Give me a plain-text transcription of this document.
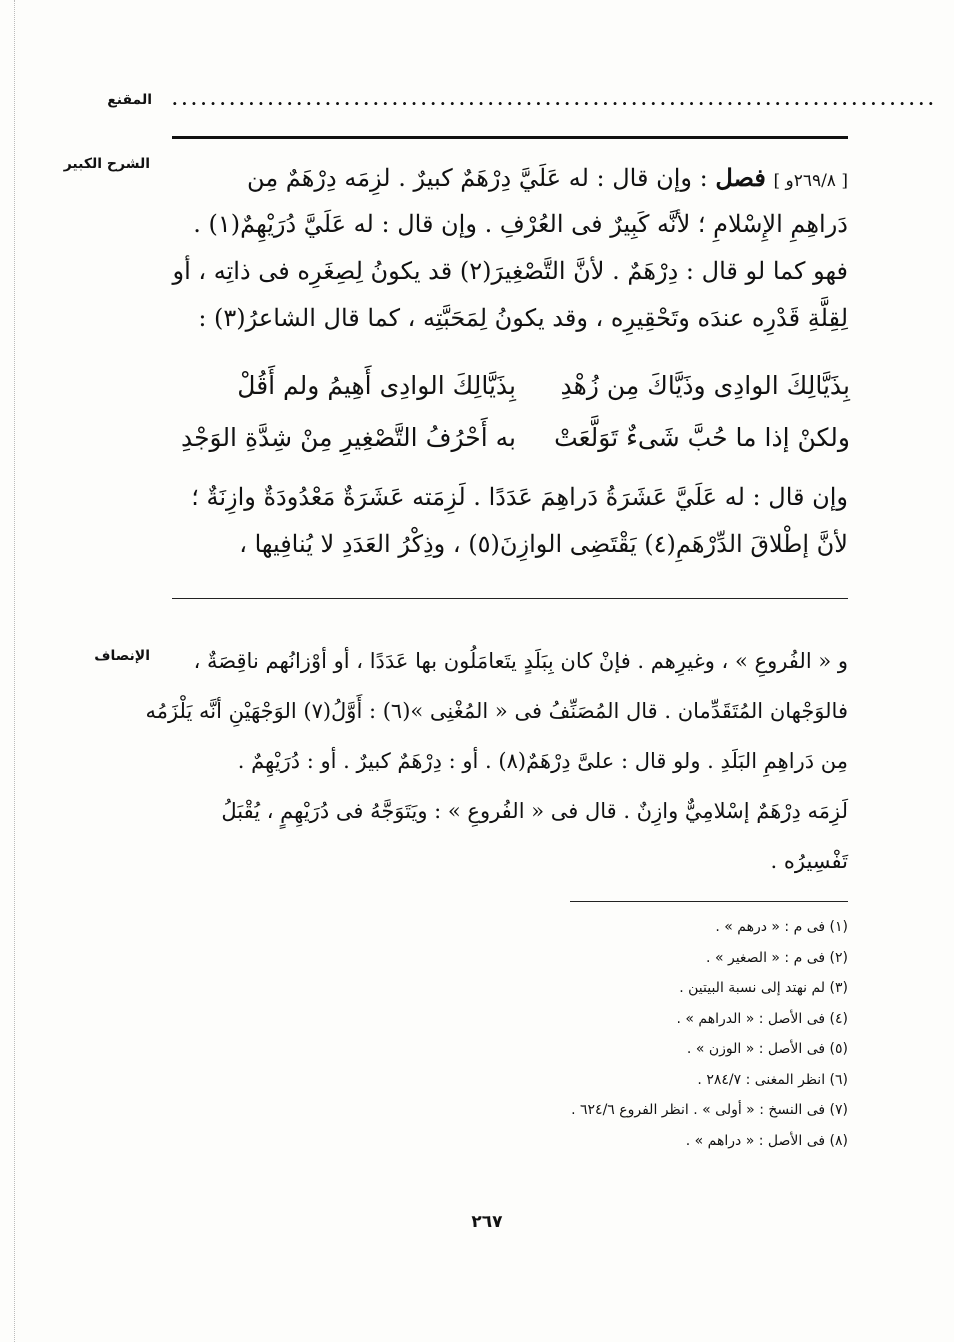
المقنع ................................................................................
الشرح الكبير
[ ٢٦٩/٨و ] فصل : وإن قال : له عَلَيَّ دِرْهَمٌ كبيرٌ . لزِمَه دِرْهَمٌ مِن
دَراهِمِ الإِسْلامِ ؛ لأنَّه كَبِيرٌ فى العُرْفِ . وإن قال : له عَلَيَّ دُرَيْهِمٌ(١) .
فهو كما لو قال : دِرْهَمٌ . لأنَّ التَّصْغِيرَ(٢) قد يكونُ لِصِغَرِه فى ذاتِه ، أو
لِقِلَّةِ قَدْرِه عندَه وتَحْقِيرِه ، وقد يكونُ لِمَحَبَّتِه ، كما قال الشاعرُ(٣) :
بِذَيَّالِكَ الوادِى وذَيَّاكَ مِن زُهْدِ
بِذَيَّالِكَ الوادِى أَهِيمُ ولم أَقُلْ
ولكنْ إذا ما حُبَّ شَىءٌ تَوَلَّعَتْ
به أَحْرُفُ التَّصْغِيرِ مِنْ شِدَّةِ الوَجْدِ
وإن قال : له عَلَيَّ عَشَرَةُ دَراهِمَ عَدَدًا . لَزِمَته عَشَرَةٌ مَعْدُودَةٌ وازِنَةٌ ؛
لأنَّ إطْلاقَ الدِّرْهَمِ(٤) يَقْتَضِى الوازِنَ(٥) ، وذِكْرُ العَدَدِ لا يُنافِيها ،
الإنصاف	و « الفُروعِ » ، وغيرِهم . فإنْ كان بِبَلَدٍ يتَعامَلُون بها عَدَدًا ، أو أوْزانُهم ناقِصَةٌ ،
فالوَجْهان المُتَقَدِّمان . قال المُصَنِّفُ فى « المُغْنِى »(٦) : أَوَّلُ(٧) الوَجْهَيْنِ أنَّه يَلْزَمُه
مِن دَراهِمِ البَلَدِ . ولو قال : علىَّ دِرْهَمٌ(٨) . أو : دِرْهَمٌ كبيرٌ . أو : دُرَيْهِمٌ .
لَزِمَه دِرْهَمٌ إسْلامِيٌّ وازِنٌ . قال فى « الفُروعِ » : ويَتَوَجَّهُ فى دُرَيْهِمٍ ، يُقْبَلُ
تَفْسِيرُه .
(١) فى م : « درهم » .
(٢) فى م : « الصغير » .
(٣) لم نهتد إلى نسبة البيتين .
(٤) فى الأصل : « الدراهم » .
(٥) فى الأصل : « الوزن » .
(٦) انظر المغنى : ٢٨٤/٧ .
(٧) فى النسخ : « أولى » . انظر الفروع ٦٢٤/٦ .
(٨) فى الأصل : « دراهم » .
٢٦٧
